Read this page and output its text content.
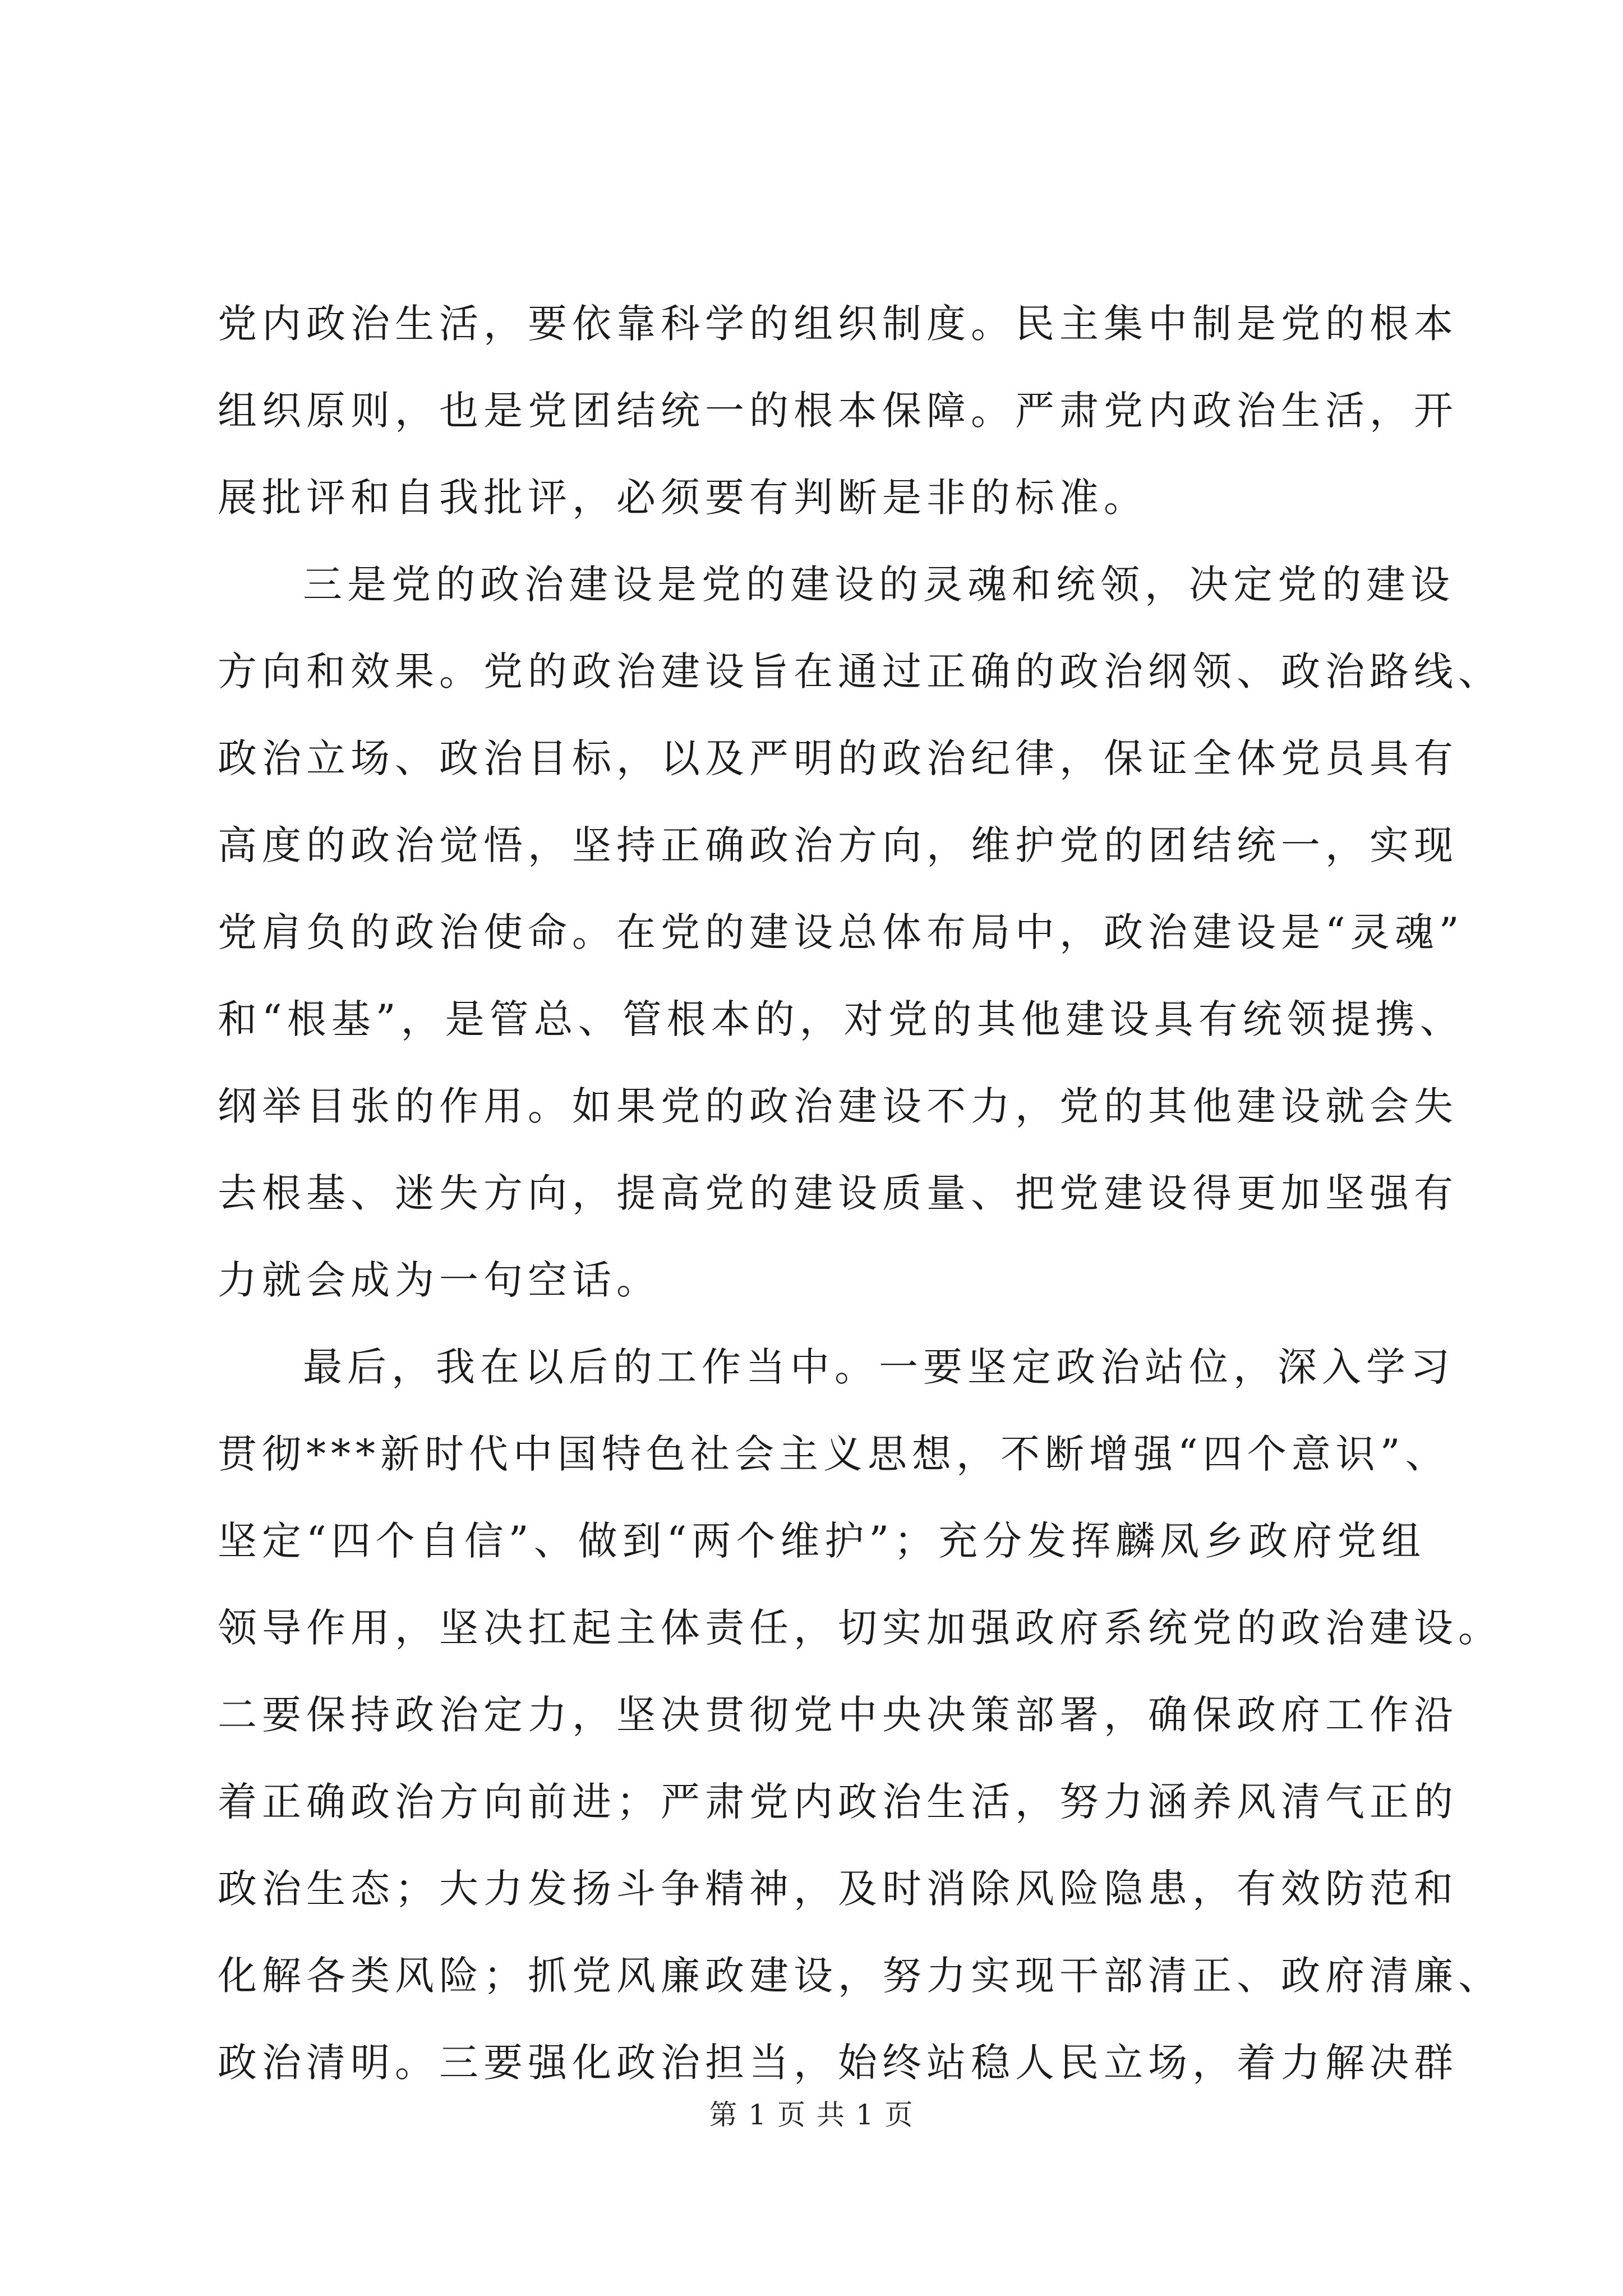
党内政治生活，要依靠科学的组织制度。民主集中制是党的根本
组织原则，也是党团结统一的根本保障。严肃党内政治生活，开
展批评和自我批评，必须要有判断是非的标准。
三是党的政治建设是党的建设的灵魂和统领，决定党的建设
方向和效果。党的政治建设旨在通过正确的政治纲领、政治路线、
政治立场、政治目标，以及严明的政治纪律，保证全体党员具有
高度的政治觉悟，坚持正确政治方向，维护党的团结统一，实现
党肩负的政治使命。在党的建设总体布局中，政治建设是“灵魂”
和“根基”，是管总、管根本的，对党的其他建设具有统领提携、
纲举目张的作用。如果党的政治建设不力，党的其他建设就会失
去根基、迷失方向，提高党的建设质量、把党建设得更加坚强有
力就会成为一句空话。
最后，我在以后的工作当中。一要坚定政治站位，深入学习
贯彻***新时代中国特色社会主义思想，不断增强“四个意识”、
坚定“四个自信”、做到“两个维护”；充分发挥麟凤乡政府党组
领导作用，坚决扛起主体责任，切实加强政府系统党的政治建设。
二要保持政治定力，坚决贯彻党中央决策部署，确保政府工作沿
着正确政治方向前进；严肃党内政治生活，努力涵养风清气正的
政治生态；大力发扬斗争精神，及时消除风险隐患，有效防范和
化解各类风险；抓党风廉政建设，努力实现干部清正、政府清廉、
政治清明。三要强化政治担当，始终站稳人民立场，着力解决群
第 1 页 共 1 页
